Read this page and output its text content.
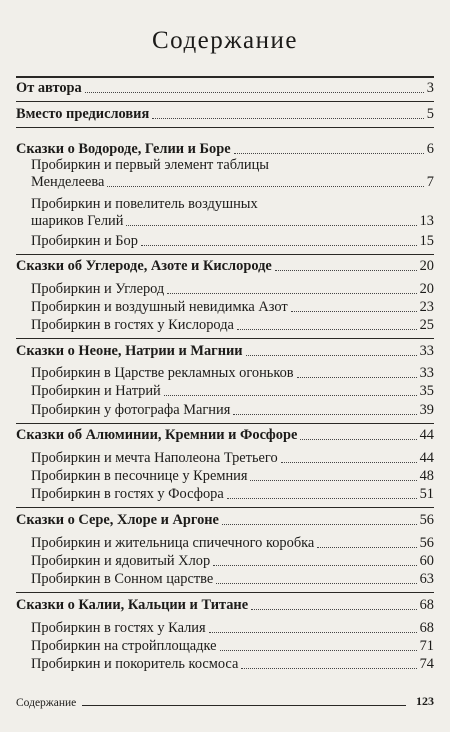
Содержание
От автора	3
Вместо предисловия	5
Сказки о Водороде, Гелии и Боре	6
Пробиркин и первый элемент таблицы
Менделеева	7
Пробиркин и повелитель воздушных
шариков Гелий	13
Пробиркин и Бор	15
Сказки об Углероде, Азоте и Кислороде	20
Пробиркин и Углерод	20
Пробиркин и воздушный невидимка Азот	23
Пробиркин в гостях у Кислорода	25
Сказки о Неоне, Натрии и Магнии	33
Пробиркин в Царстве рекламных огоньков	33
Пробиркин и Натрий	35
Пробиркин у фотографа Магния	39
Сказки об Алюминии, Кремнии и Фосфоре	44
Пробиркин и мечта Наполеона Третьего	44
Пробиркин в песочнице у Кремния	48
Пробиркин в гостях у Фосфора	51
Сказки о Сере, Хлоре и Аргоне	56
Пробиркин и жительница спичечного коробка	56
Пробиркин и ядовитый Хлор	60
Пробиркин в Сонном царстве	63
Сказки о Калии, Кальции и Титане	68
Пробиркин в гостях у Калия	68
Пробиркин на стройплощадке	71
Пробиркин и покоритель космоса	74
Содержание	123
